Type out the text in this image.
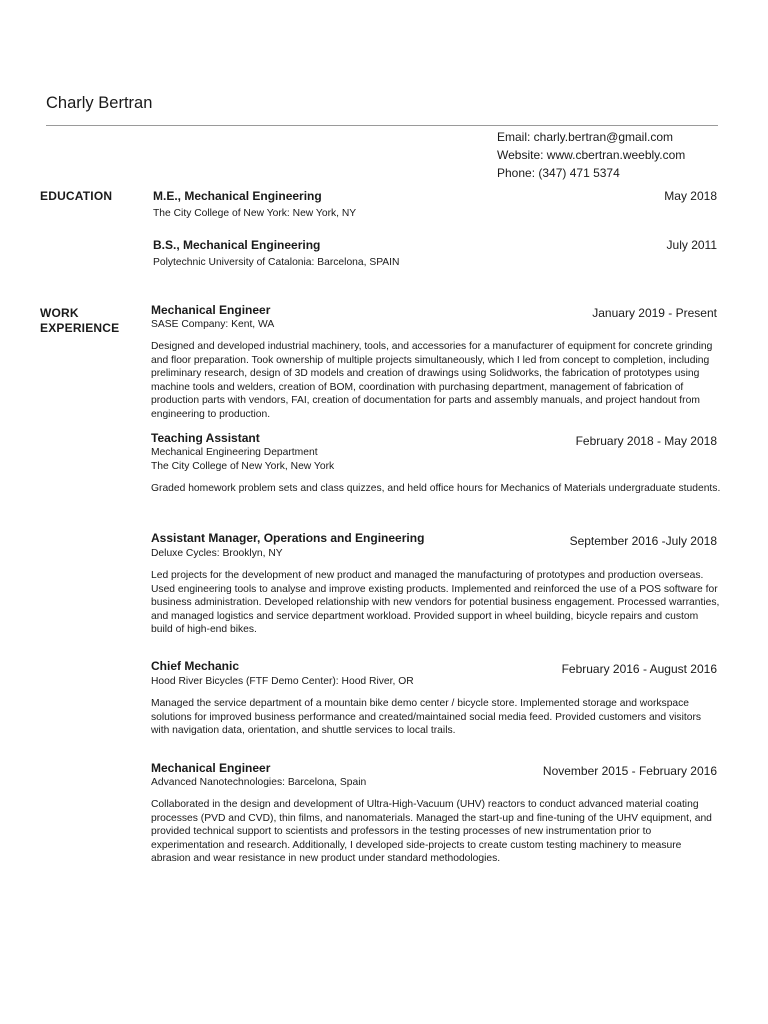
Charly Bertran
Email: charly.bertran@gmail.com
Website: www.cbertran.weebly.com
Phone: (347) 471 5374
EDUCATION	M.E., Mechanical Engineering	May 2018
The City College of New York: New York, NY
B.S., Mechanical Engineering	July 2011
Polytechnic University of Catalonia: Barcelona, SPAIN
WORK
EXPERIENCE
Mechanical Engineer	January 2019 - Present
SASE Company: Kent, WA
Designed and developed industrial machinery, tools, and accessories for a manufacturer of equipment for concrete grinding and floor preparation. Took ownership of multiple projects simultaneously, which I led from concept to completion, including preliminary research, design of 3D models and creation of drawings using Solidworks, the fabrication of prototypes using machine tools and welders, creation of BOM, coordination with purchasing department, management of fabrication of production parts with vendors, FAI, creation of documentation for parts and assembly manuals, and project handout from engineering to production.
Teaching Assistant	February 2018 - May 2018
Mechanical Engineering Department
The City College of New York, New York
Graded homework problem sets and class quizzes, and held office hours for Mechanics of Materials undergraduate students.
Assistant Manager, Operations and Engineering	September 2016 -July 2018
Deluxe Cycles: Brooklyn, NY
Led projects for the development of new product and managed the manufacturing of prototypes and production overseas. Used engineering tools to analyse and improve existing products. Implemented and reinforced the use of a POS software for business administration. Developed relationship with new vendors for potential business engagement. Processed warranties, and managed logistics and service department workload. Provided support in wheel building, bicycle repairs and custom build of high-end bikes.
Chief Mechanic	February 2016 - August 2016
Hood River Bicycles (FTF Demo Center): Hood River, OR
Managed the service department of a mountain bike demo center / bicycle store. Implemented storage and workspace solutions for improved business performance and created/maintained social media feed. Provided customers and visitors with navigation data, orientation, and shuttle services to local trails.
Mechanical Engineer	November 2015 - February 2016
Advanced Nanotechnologies: Barcelona, Spain
Collaborated in the design and development of Ultra-High-Vacuum (UHV) reactors to conduct advanced material coating processes (PVD and CVD), thin films, and nanomaterials. Managed the start-up and fine-tuning of the UHV equipment, and provided technical support to scientists and professors in the testing processes of new instrumentation prior to experimentation and research. Additionally, I developed side-projects to create custom testing machinery to measure abrasion and wear resistance in new product under standard methodologies.
